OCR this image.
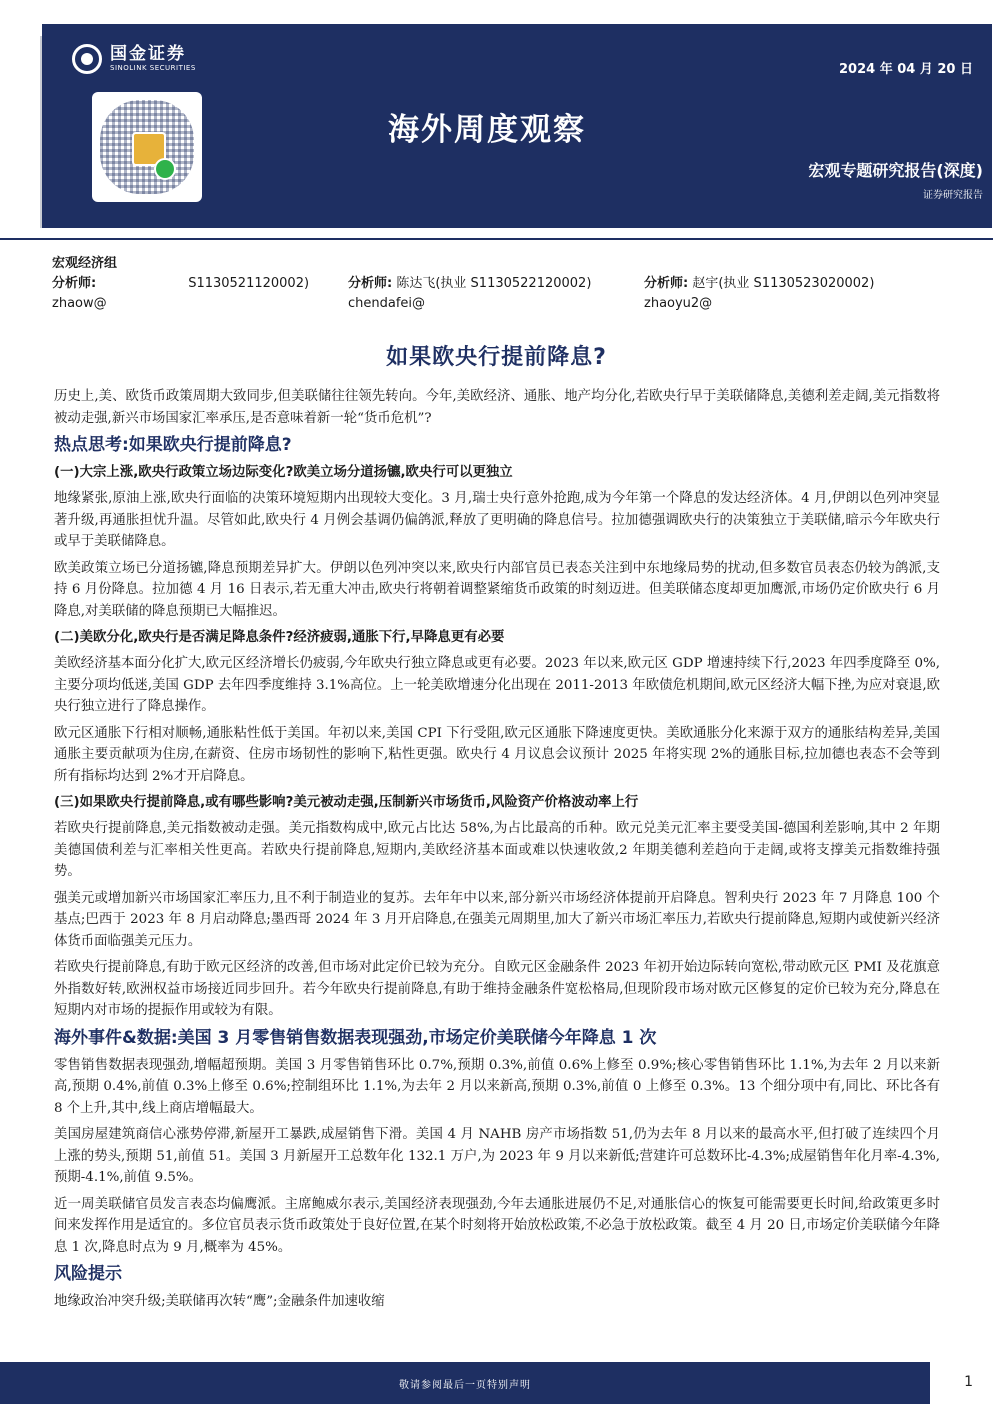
国金证券
SINOLINK SECURITIES	2024 年 04 月 20 日
海外周度观察
宏观专题研究报告(深度)
证券研究报告
宏观经济组
分析师:	S1130521120002)	分析师: 陈达飞(执业 S1130522120002)	分析师: 赵宇(执业 S1130523020002)
zhaow@	chendafei@	zhaoyu2@
如果欧央行提前降息?

历史上,美、欧货币政策周期大致同步,但美联储往往领先转向。今年,美欧经济、通胀、地产均分化,若欧央行早于美联储降息,美德利差走阔,美元指数将被动走强,新兴市场国家汇率承压,是否意味着新一轮“货币危机”?

热点思考:如果欧央行提前降息?
(一)大宗上涨,欧央行政策立场边际变化?欧美立场分道扬镳,欧央行可以更独立

地缘紧张,原油上涨,欧央行面临的决策环境短期内出现较大变化。3 月,瑞士央行意外抢跑,成为今年第一个降息的发达经济体。4 月,伊朗以色列冲突显著升级,再通胀担忧升温。尽管如此,欧央行 4 月例会基调仍偏鸽派,释放了更明确的降息信号。拉加德强调欧央行的决策独立于美联储,暗示今年欧央行或早于美联储降息。

欧美政策立场已分道扬镳,降息预期差异扩大。伊朗以色列冲突以来,欧央行内部官员已表态关注到中东地缘局势的扰动,但多数官员表态仍较为鸽派,支持 6 月份降息。拉加德 4 月 16 日表示,若无重大冲击,欧央行将朝着调整紧缩货币政策的时刻迈进。但美联储态度却更加鹰派,市场仍定价欧央行 6 月降息,对美联储的降息预期已大幅推迟。

(二)美欧分化,欧央行是否满足降息条件?经济疲弱,通胀下行,早降息更有必要

美欧经济基本面分化扩大,欧元区经济增长仍疲弱,今年欧央行独立降息或更有必要。2023 年以来,欧元区 GDP 增速持续下行,2023 年四季度降至 0%,主要分项均低迷,美国 GDP 去年四季度维持 3.1%高位。上一轮美欧增速分化出现在 2011-2013 年欧债危机期间,欧元区经济大幅下挫,为应对衰退,欧央行独立进行了降息操作。

欧元区通胀下行相对顺畅,通胀粘性低于美国。年初以来,美国 CPI 下行受阻,欧元区通胀下降速度更快。美欧通胀分化来源于双方的通胀结构差异,美国通胀主要贡献项为住房,在薪资、住房市场韧性的影响下,粘性更强。欧央行 4 月议息会议预计 2025 年将实现 2%的通胀目标,拉加德也表态不会等到所有指标均达到 2%才开启降息。

(三)如果欧央行提前降息,或有哪些影响?美元被动走强,压制新兴市场货币,风险资产价格波动率上行

若欧央行提前降息,美元指数被动走强。美元指数构成中,欧元占比达 58%,为占比最高的币种。欧元兑美元汇率主要受美国-德国利差影响,其中 2 年期美德国债利差与汇率相关性更高。若欧央行提前降息,短期内,美欧经济基本面或难以快速收敛,2 年期美德利差趋向于走阔,或将支撑美元指数维持强势。

强美元或增加新兴市场国家汇率压力,且不利于制造业的复苏。去年年中以来,部分新兴市场经济体提前开启降息。智利央行 2023 年 7 月降息 100 个基点;巴西于 2023 年 8 月启动降息;墨西哥 2024 年 3 月开启降息,在强美元周期里,加大了新兴市场汇率压力,若欧央行提前降息,短期内或使新兴经济体货币面临强美元压力。

若欧央行提前降息,有助于欧元区经济的改善,但市场对此定价已较为充分。自欧元区金融条件 2023 年初开始边际转向宽松,带动欧元区 PMI 及花旗意外指数好转,欧洲权益市场接近同步回升。若今年欧央行提前降息,有助于维持金融条件宽松格局,但现阶段市场对欧元区修复的定价已较为充分,降息在短期内对市场的提振作用或较为有限。

海外事件&数据:美国 3 月零售销售数据表现强劲,市场定价美联储今年降息 1 次

零售销售数据表现强劲,增幅超预期。美国 3 月零售销售环比 0.7%,预期 0.3%,前值 0.6%上修至 0.9%;核心零售销售环比 1.1%,为去年 2 月以来新高,预期 0.4%,前值 0.3%上修至 0.6%;控制组环比 1.1%,为去年 2 月以来新高,预期 0.3%,前值 0 上修至 0.3%。13 个细分项中有,同比、环比各有 8 个上升,其中,线上商店增幅最大。

美国房屋建筑商信心涨势停滞,新屋开工暴跌,成屋销售下滑。美国 4 月 NAHB 房产市场指数 51,仍为去年 8 月以来的最高水平,但打破了连续四个月上涨的势头,预期 51,前值 51。美国 3 月新屋开工总数年化 132.1 万户,为 2023 年 9 月以来新低;营建许可总数环比-4.3%;成屋销售年化月率-4.3%,预期-4.1%,前值 9.5%。

近一周美联储官员发言表态均偏鹰派。主席鲍威尔表示,美国经济表现强劲,今年去通胀进展仍不足,对通胀信心的恢复可能需要更长时间,给政策更多时间来发挥作用是适宜的。多位官员表示货币政策处于良好位置,在某个时刻将开始放松政策,不必急于放松政策。截至 4 月 20 日,市场定价美联储今年降息 1 次,降息时点为 9 月,概率为 45%。

风险提示

地缘政治冲突升级;美联储再次转“鹰”;金融条件加速收缩

敬请参阅最后一页特别声明	1
